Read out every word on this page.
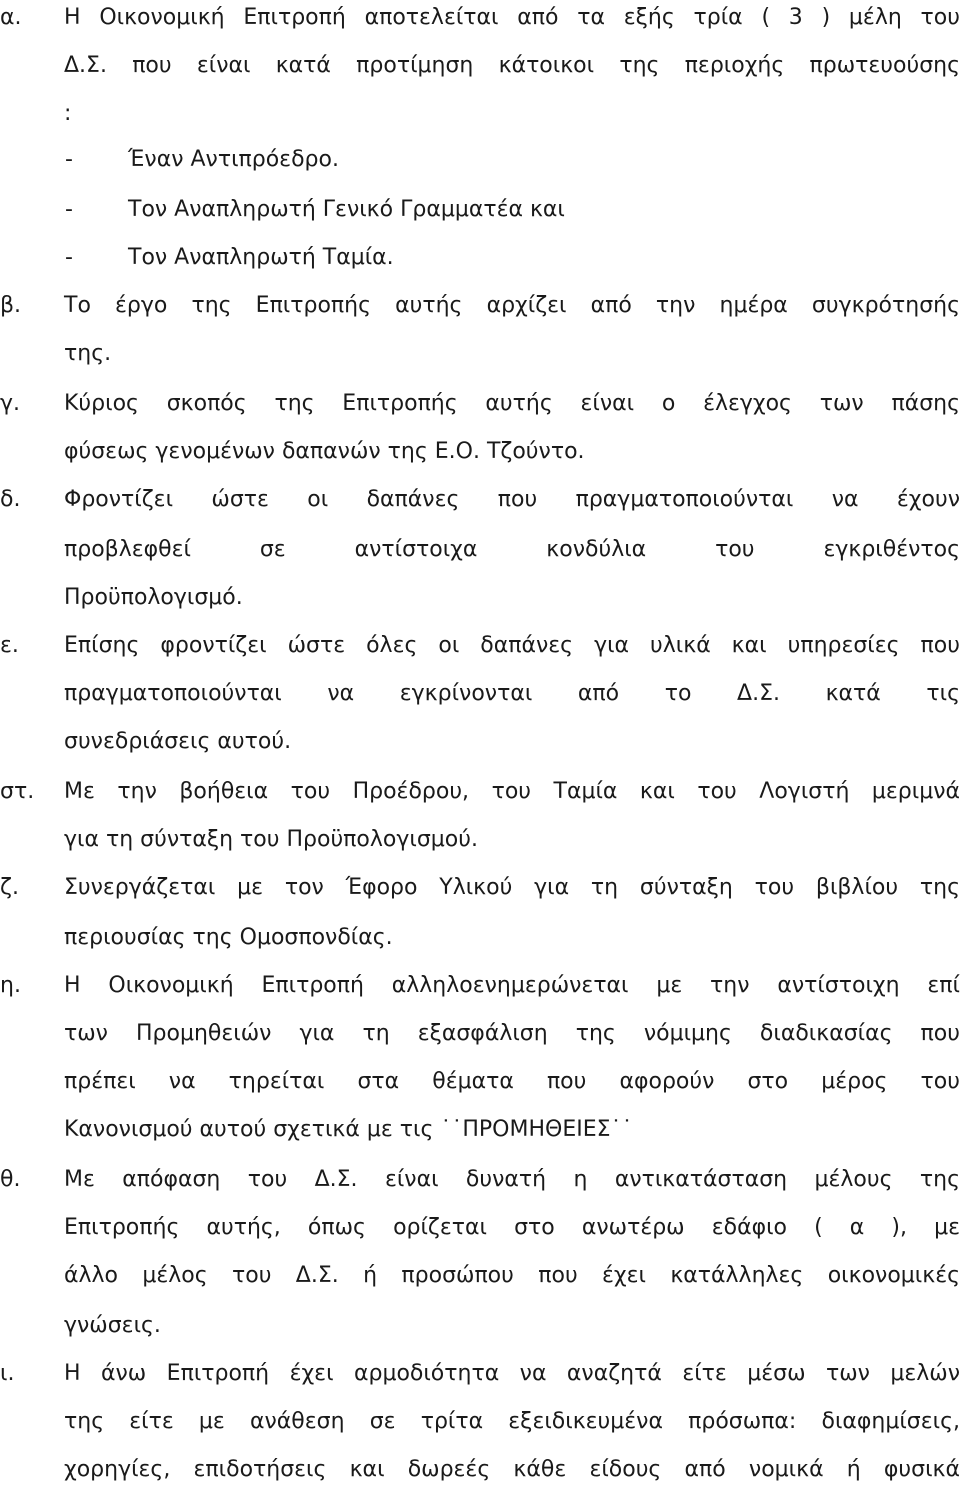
α.	Η Οικονομική Επιτροπή αποτελείται από τα εξής τρία ( 3 ) μέλη του
Δ.Σ. που είναι κατά προτίμηση κάτοικοι της περιοχής πρωτευούσης
:
-	Έναν Αντιπρόεδρο.
-	Τον Αναπληρωτή Γενικό Γραμματέα και
-	Τον Αναπληρωτή Ταμία.
β.	Το έργο της Επιτροπής αυτής αρχίζει από την ημέρα συγκρότησής
της.
γ.	Κύριος σκοπός της Επιτροπής αυτής είναι ο έλεγχος των πάσης
φύσεως γενομένων δαπανών της Ε.Ο. Τζούντο.
δ.	Φροντίζει ώστε οι δαπάνες που πραγματοποιούνται να έχουν
προβλεφθεί σε αντίστοιχα κονδύλια του εγκριθέντος
Προϋπολογισμό.
ε.	Επίσης φροντίζει ώστε όλες οι δαπάνες για υλικά και υπηρεσίες που
πραγματοποιούνται να εγκρίνονται από το Δ.Σ. κατά τις
συνεδριάσεις αυτού.
στ.	Με την βοήθεια του Προέδρου, του Ταμία και του Λογιστή μεριμνά
για τη σύνταξη του Προϋπολογισμού.
ζ.	Συνεργάζεται με τον Έφορο Υλικού για τη σύνταξη του βιβλίου της
περιουσίας της Ομοσπονδίας.
η.	Η Οικονομική Επιτροπή αλληλοενημερώνεται με την αντίστοιχη επί
των Προμηθειών για τη εξασφάλιση της νόμιμης διαδικασίας που
πρέπει να τηρείται στα θέματα που αφορούν στο μέρος του
Κανονισμού αυτού σχετικά με τις ˙˙ΠΡΟΜΗΘΕΙΕΣ˙˙
θ.	Με απόφαση του Δ.Σ. είναι δυνατή η αντικατάσταση μέλους της
Επιτροπής αυτής, όπως ορίζεται στο ανωτέρω εδάφιο ( α ), με
άλλο μέλος του Δ.Σ. ή προσώπου που έχει κατάλληλες οικονομικές
γνώσεις.
ι.	Η άνω Επιτροπή έχει αρμοδιότητα να αναζητά είτε μέσω των μελών
της είτε με ανάθεση σε τρίτα εξειδικευμένα πρόσωπα: διαφημίσεις,
χορηγίες, επιδοτήσεις και δωρεές κάθε είδους από νομικά ή φυσικά
